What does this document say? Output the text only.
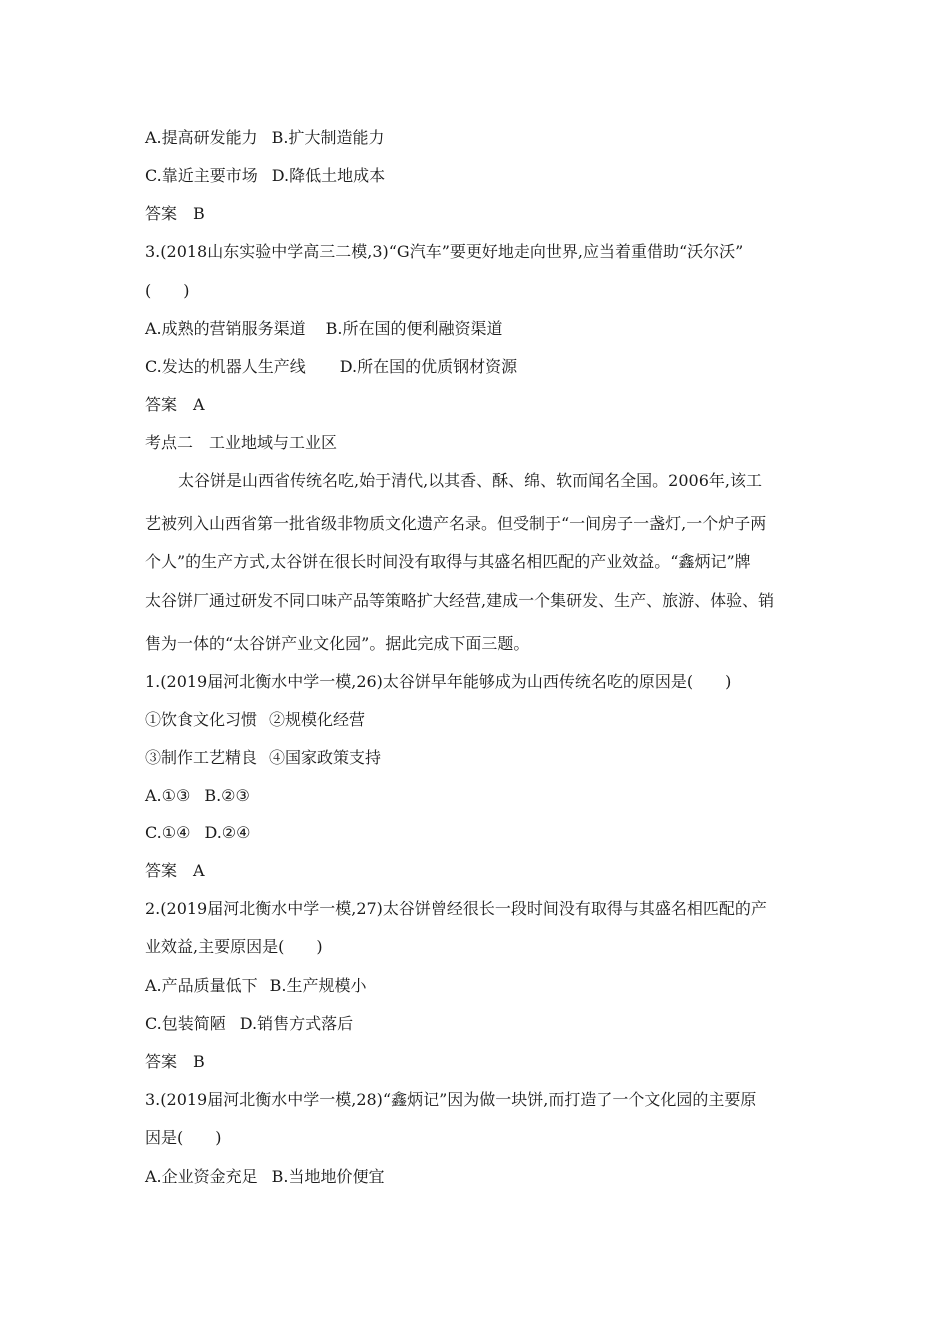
A.提高研发能力 B.扩大制造能力
C.靠近主要市场 D.降低土地成本
答案　B
3.(2018山东实验中学高三二模,3)“G汽车”要更好地走向世界,应当着重借助“沃尔沃”
(　　)
A.成熟的营销服务渠道 B.所在国的便利融资渠道
C.发达的机器人生产线 D.所在国的优质钢材资源
答案　A
考点二　工业地域与工业区
太谷饼是山西省传统名吃,始于清代,以其香、酥、绵、软而闻名全国。2006年,该工
艺被列入山西省第一批省级非物质文化遗产名录。但受制于“一间房子一盏灯,一个炉子两
个人”的生产方式,太谷饼在很长时间没有取得与其盛名相匹配的产业效益。“鑫炳记”牌
太谷饼厂通过研发不同口味产品等策略扩大经营,建成一个集研发、生产、旅游、体验、销
售为一体的“太谷饼产业文化园”。据此完成下面三题。
1.(2019届河北衡水中学一模,26)太谷饼早年能够成为山西传统名吃的原因是(　　)
①饮食文化习惯 ②规模化经营
③制作工艺精良 ④国家政策支持
A.①③ B.②③
C.①④ D.②④
答案　A
2.(2019届河北衡水中学一模,27)太谷饼曾经很长一段时间没有取得与其盛名相匹配的产
业效益,主要原因是(　　)
A.产品质量低下 B.生产规模小
C.包装简陋 D.销售方式落后
答案　B
3.(2019届河北衡水中学一模,28)“鑫炳记”因为做一块饼,而打造了一个文化园的主要原
因是(　　)
A.企业资金充足 B.当地地价便宜
